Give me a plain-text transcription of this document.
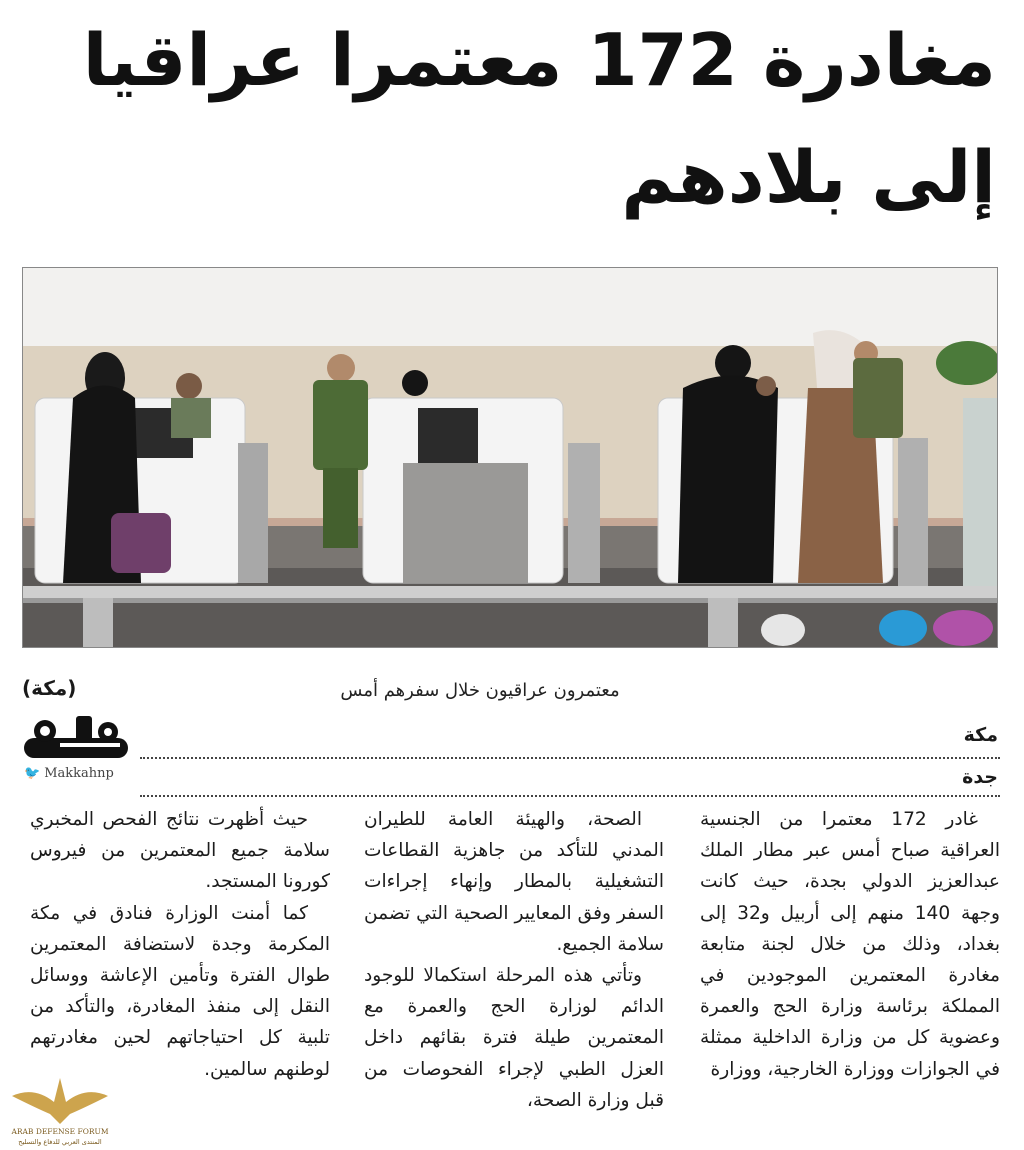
مغادرة 172 معتمرا عراقيا
إلى بلادهم
(مكة)	معتمرون عراقيون خلال سفرهم أمس
🐦 Makkahnp
مكة
جدة

غادر 172 معتمرا من الجنسية العراقية صباح أمس عبر مطار الملك عبدالعزيز الدولي بجدة، حيث كانت وجهة 140 منهم إلى أربيل و32 إلى بغداد، وذلك من خلال لجنة متابعة مغادرة المعتمرين الموجودين في المملكة برئاسة وزارة الحج والعمرة وعضوية كل من وزارة الداخلية ممثلة في الجوازات ووزارة الخارجية، ووزارة

الصحة، والهيئة العامة للطيران المدني للتأكد من جاهزية القطاعات التشغيلية بالمطار وإنهاء إجراءات السفر وفق المعايير الصحية التي تضمن سلامة الجميع.

وتأتي هذه المرحلة استكمالا للوجود الدائم لوزارة الحج والعمرة مع المعتمرين طيلة فترة بقائهم داخل العزل الطبي لإجراء الفحوصات من قبل وزارة الصحة،

حيث أظهرت نتائج الفحص المخبري سلامة جميع المعتمرين من فيروس كورونا المستجد.

كما أمنت الوزارة فنادق في مكة المكرمة وجدة لاستضافة المعتمرين طوال الفترة وتأمين الإعاشة ووسائل النقل إلى منفذ المغادرة، والتأكد من تلبية كل احتياجاتهم لحين مغادرتهم لوطنهم سالمين.

ARAB DEFENSE FORUM
المنتدى العربي للدفاع والتسليح
